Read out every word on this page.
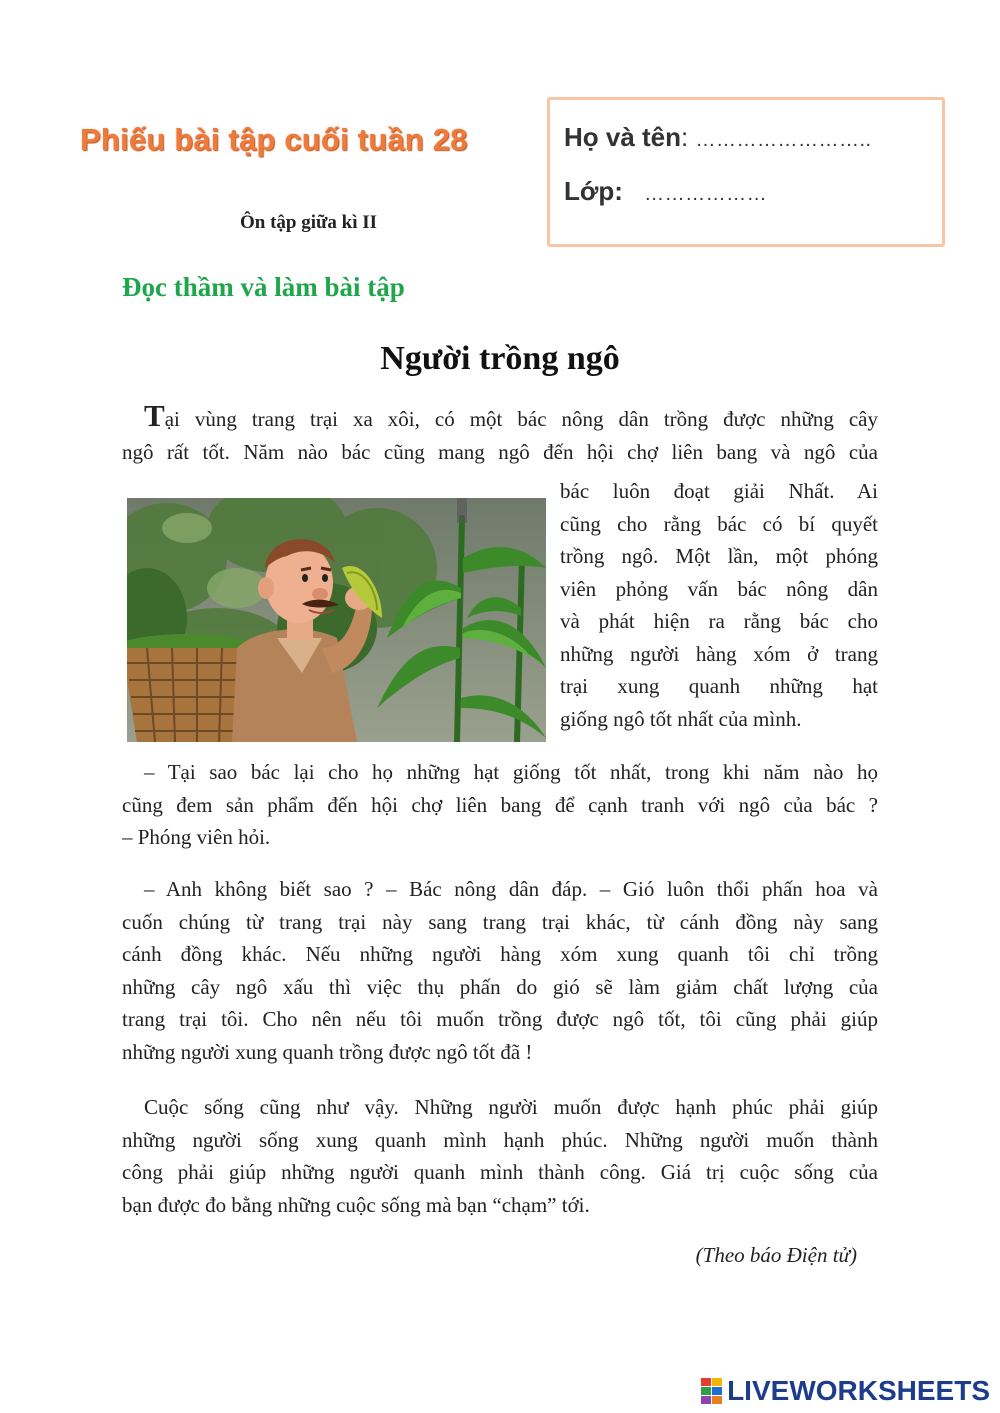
Phiếu bài tập cuối tuần 28
Ôn tập giữa kì II
Họ và tên: ……………………..
Lớp: ………………
Đọc thầm và làm bài tập
Người trồng ngô
Tại vùng trang trại xa xôi, có một bác nông dân trồng được những cây
ngô rất tốt. Năm nào bác cũng mang ngô đến hội chợ liên bang và ngô của
bác luôn đoạt giải Nhất. Ai
cũng cho rằng bác có bí quyết
trồng ngô. Một lần, một phóng
viên phỏng vấn bác nông dân
và phát hiện ra rằng bác cho
những người hàng xóm ở trang
trại xung quanh những hạt
giống ngô tốt nhất của mình.
– Tại sao bác lại cho họ những hạt giống tốt nhất, trong khi năm nào họ
cũng đem sản phẩm đến hội chợ liên bang để cạnh tranh với ngô của bác ?
– Phóng viên hỏi.
– Anh không biết sao ? – Bác nông dân đáp. – Gió luôn thổi phấn hoa và
cuốn chúng từ trang trại này sang trang trại khác, từ cánh đồng này sang
cánh đồng khác. Nếu những người hàng xóm xung quanh tôi chỉ trồng
những cây ngô xấu thì việc thụ phấn do gió sẽ làm giảm chất lượng của
trang trại tôi. Cho nên nếu tôi muốn trồng được ngô tốt, tôi cũng phải giúp
những người xung quanh trồng được ngô tốt đã !
Cuộc sống cũng như vậy. Những người muốn được hạnh phúc phải giúp
những người sống xung quanh mình hạnh phúc. Những người muốn thành
công phải giúp những người quanh mình thành công. Giá trị cuộc sống của
bạn được đo bằng những cuộc sống mà bạn “chạm” tới.
(Theo báo Điện tử)
LIVEWORKSHEETS
